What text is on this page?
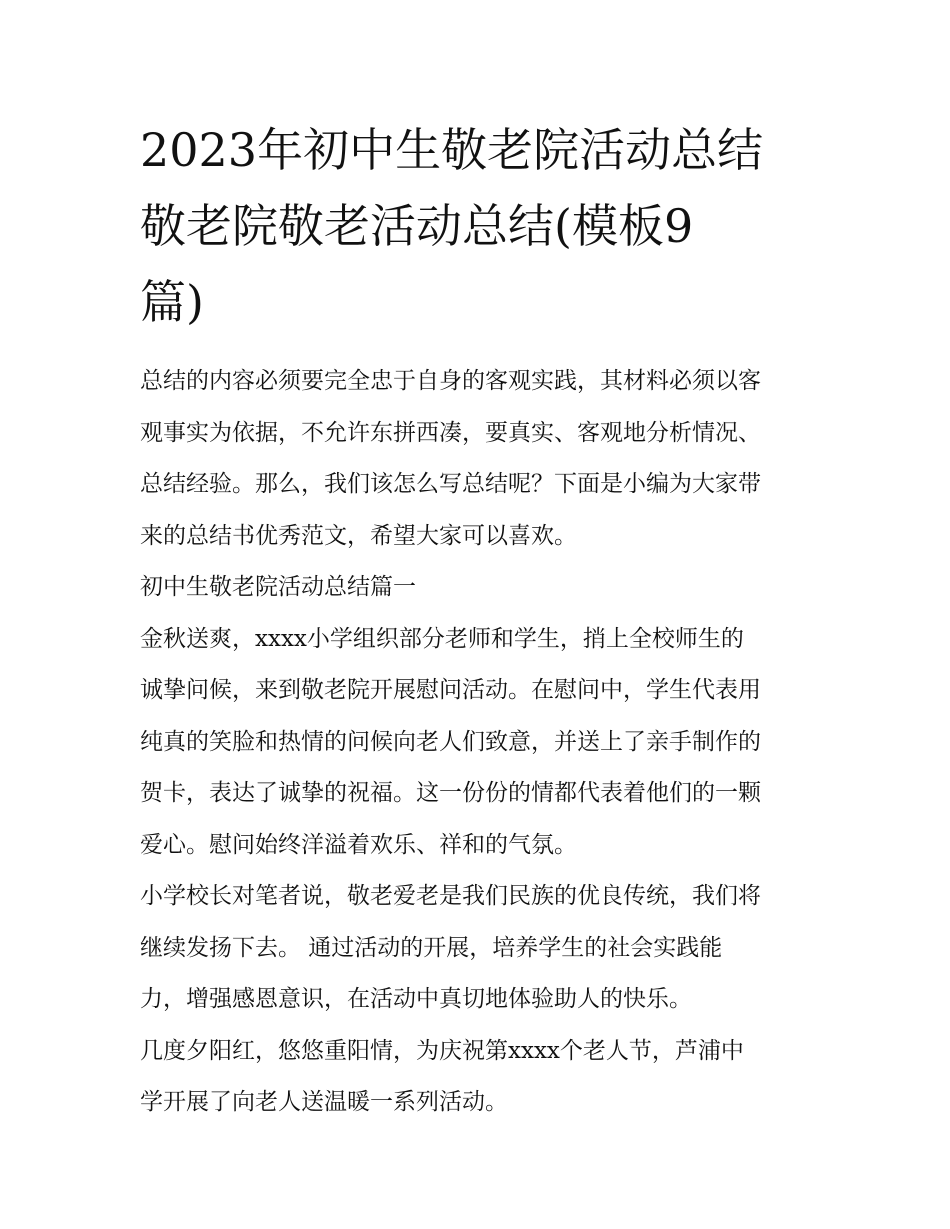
2023年初中生敬老院活动总结
敬老院敬老活动总结(模板9
篇)
总结的内容必须要完全忠于自身的客观实践，其材料必须以客
观事实为依据，不允许东拼西凑，要真实、客观地分析情况、
总结经验。那么，我们该怎么写总结呢？下面是小编为大家带
来的总结书优秀范文，希望大家可以喜欢。
初中生敬老院活动总结篇一
金秋送爽，xxxx小学组织部分老师和学生，捎上全校师生的
诚挚问候，来到敬老院开展慰问活动。在慰问中，学生代表用
纯真的笑脸和热情的问候向老人们致意，并送上了亲手制作的
贺卡，表达了诚挚的祝福。这一份份的情都代表着他们的一颗
爱心。慰问始终洋溢着欢乐、祥和的气氛。
小学校长对笔者说，敬老爱老是我们民族的优良传统，我们将
继续发扬下去。 通过活动的开展，培养学生的社会实践能
力，增强感恩意识，在活动中真切地体验助人的快乐。
几度夕阳红，悠悠重阳情，为庆祝第xxxx个老人节，芦浦中
学开展了向老人送温暖一系列活动。
